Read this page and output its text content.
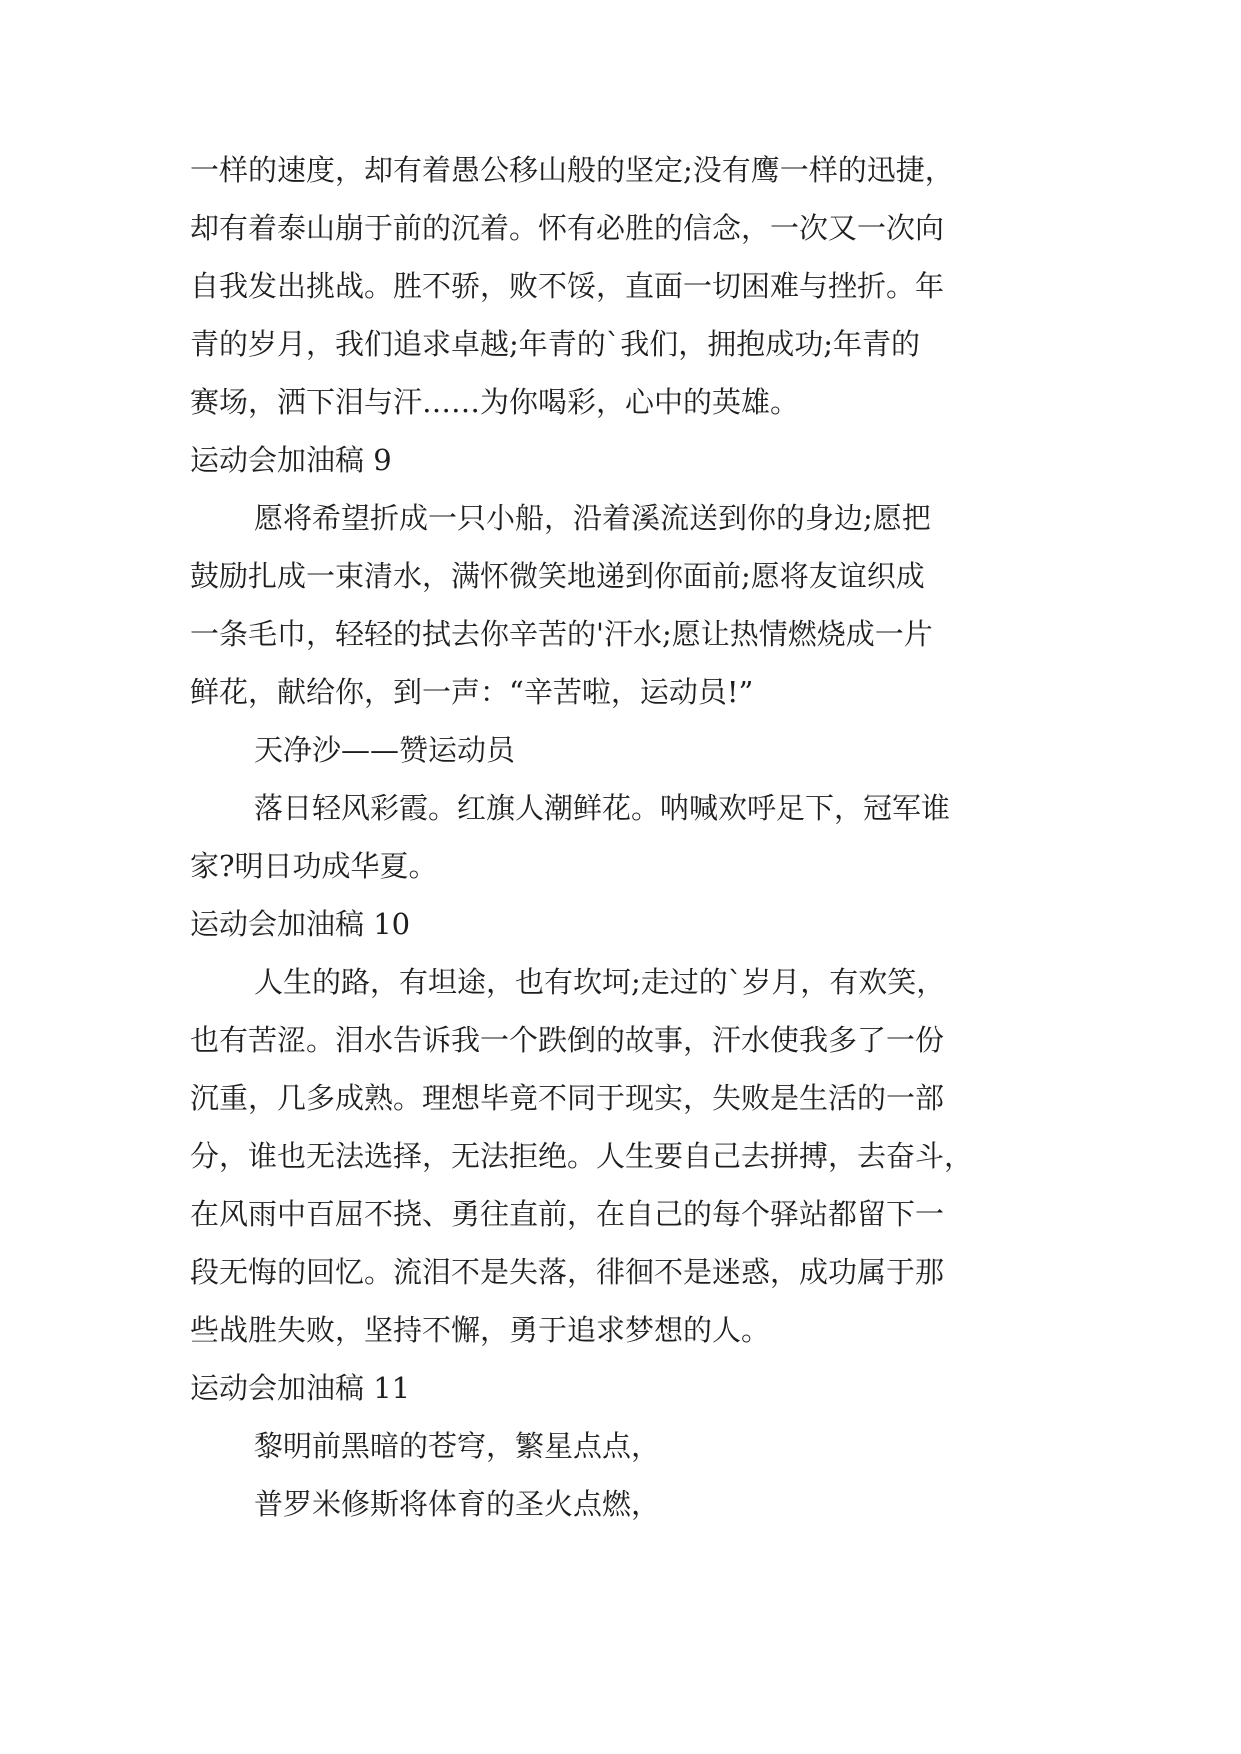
一样的速度，却有着愚公移山般的坚定;没有鹰一样的迅捷，
却有着泰山崩于前的沉着。怀有必胜的信念，一次又一次向
自我发出挑战。胜不骄，败不馁，直面一切困难与挫折。年
青的岁月，我们追求卓越;年青的`我们，拥抱成功;年青的
赛场，洒下泪与汗……为你喝彩，心中的英雄。
运动会加油稿 9
愿将希望折成一只小船，沿着溪流送到你的身边;愿把
鼓励扎成一束清水，满怀微笑地递到你面前;愿将友谊织成
一条毛巾，轻轻的拭去你辛苦的'汗水;愿让热情燃烧成一片
鲜花，献给你，到一声：“辛苦啦，运动员!”
天净沙——赞运动员
落日轻风彩霞。红旗人潮鲜花。呐喊欢呼足下，冠军谁
家?明日功成华夏。
运动会加油稿 10
人生的路，有坦途，也有坎坷;走过的`岁月，有欢笑，
也有苦涩。泪水告诉我一个跌倒的故事，汗水使我多了一份
沉重，几多成熟。理想毕竟不同于现实，失败是生活的一部
分，谁也无法选择，无法拒绝。人生要自己去拼搏，去奋斗，
在风雨中百屈不挠、勇往直前，在自己的每个驿站都留下一
段无悔的回忆。流泪不是失落，徘徊不是迷惑，成功属于那
些战胜失败，坚持不懈，勇于追求梦想的人。
运动会加油稿 11
黎明前黑暗的苍穹，繁星点点，
普罗米修斯将体育的圣火点燃，
